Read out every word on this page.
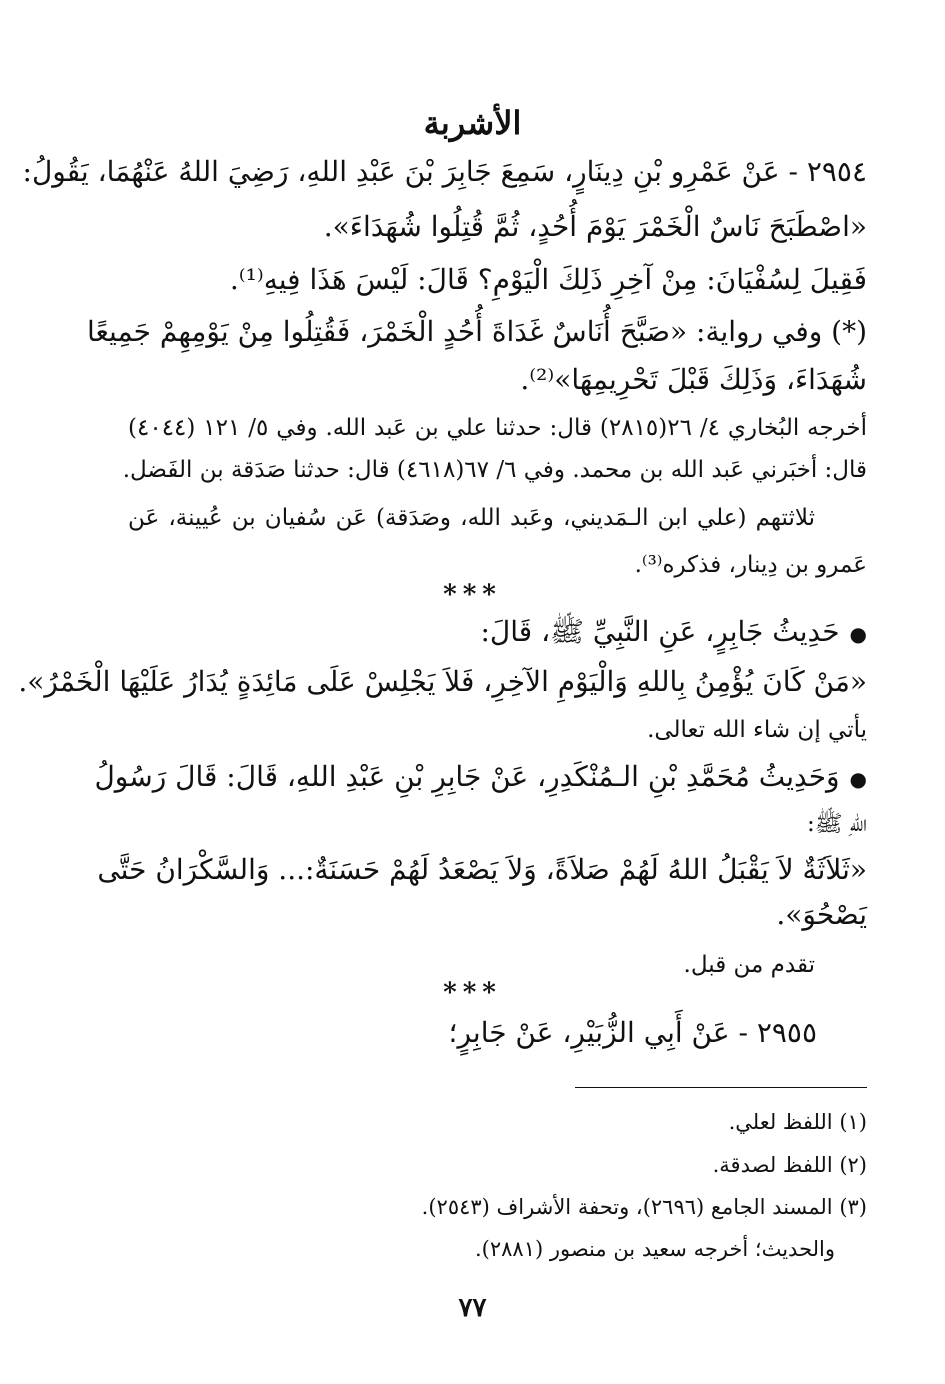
الأشربة
٢٩٥٤ - عَنْ عَمْرِو بْنِ دِينَارٍ، سَمِعَ جَابِرَ بْنَ عَبْدِ اللهِ، رَضِيَ اللهُ عَنْهُمَا، يَقُولُ:
«اصْطَبَحَ نَاسٌ الْخَمْرَ يَوْمَ أُحُدٍ، ثُمَّ قُتِلُوا شُهَدَاءَ».
فَقِيلَ لِسُفْيَانَ: مِنْ آخِرِ ذَلِكَ الْيَوْمِ؟ قَالَ: لَيْسَ هَذَا فِيهِ⁽¹⁾.
(*) وفي رواية: «صَبَّحَ أُنَاسٌ غَدَاةَ أُحُدٍ الْخَمْرَ، فَقُتِلُوا مِنْ يَوْمِهِمْ جَمِيعًا
شُهَدَاءَ، وَذَلِكَ قَبْلَ تَحْرِيمِهَا»⁽²⁾.
أخرجه البُخاري ٤/ ٢٦(٢٨١٥) قال: حدثنا علي بن عَبد الله. وفي ٥/ ١٢١ (٤٠٤٤)
قال: أخبَرني عَبد الله بن محمد. وفي ٦/ ٦٧(٤٦١٨) قال: حدثنا صَدَقة بن الفَضل.
ثلاثتهم (علي ابن الـمَديني، وعَبد الله، وصَدَقة) عَن سُفيان بن عُيينة، عَن
عَمرو بن دِينار، فذكره⁽³⁾.
***
●حَدِيثُ جَابِرٍ، عَنِ النَّبِيِّ ﷺ، قَالَ:
«مَنْ كَانَ يُؤْمِنُ بِاللهِ وَالْيَوْمِ الآخِرِ، فَلاَ يَجْلِسْ عَلَى مَائِدَةٍ يُدَارُ عَلَيْهَا الْخَمْرُ».
يأتي إن شاء الله تعالى.
●وَحَدِيثُ مُحَمَّدِ بْنِ الـمُنْكَدِرِ، عَنْ جَابِرِ بْنِ عَبْدِ اللهِ، قَالَ: قَالَ رَسُولُ
اللهِ ﷺ:
«ثَلاَثَةٌ لاَ يَقْبَلُ اللهُ لَهُمْ صَلاَةً، وَلاَ يَصْعَدُ لَهُمْ حَسَنَةٌ:... وَالسَّكْرَانُ حَتَّى
يَصْحُوَ».
تقدم من قبل.
***
٢٩٥٥ - عَنْ أَبِي الزُّبَيْرِ، عَنْ جَابِرٍ؛
(١) اللفظ لعلي.
(٢) اللفظ لصدقة.
(٣) المسند الجامع (٢٦٩٦)، وتحفة الأشراف (٢٥٤٣).
والحديث؛ أخرجه سعيد بن منصور (٢٨٨١).
٧٧
